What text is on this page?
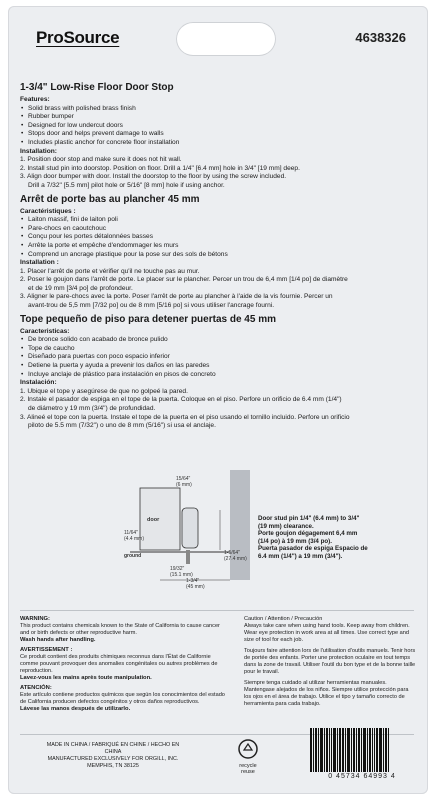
ProSource	4638326
1-3/4" Low-Rise Floor Door Stop

Features:

• Solid brass with polished brass finish
• Rubber bumper
• Designed for low undercut doors
• Stops door and helps prevent damage to walls
• Includes plastic anchor for concrete floor installation

Installation:

1. Position door stop and make sure it does not hit wall.
2. Install stud pin into doorstop. Position on floor. Drill a 1/4" [6.4 mm] hole in 3/4" [19 mm] deep.
3. Align door bumper with door. Install the doorstop to the floor by using the screw included.
Drill a 7/32" [5.5 mm] pilot hole or 5/16" [8 mm] hole if using anchor.
Arrêt de porte bas au plancher 45 mm

Caractéristiques :

• Laiton massif, fini de laiton poli
• Pare-chocs en caoutchouc
• Conçu pour les portes détalonnées basses
• Arrête la porte et empêche d'endommager les murs
• Comprend un ancrage plastique pour la pose sur des sols de bétons

Installation :

1. Placer l'arrêt de porte et vérifier qu'il ne touche pas au mur.
2. Poser le goujon dans l'arrêt de porte. Le placer sur le plancher. Percer un trou de 6,4 mm [1/4 po] de diamètre
et de 19 mm [3/4 po] de profondeur.
3. Aligner le pare-chocs avec la porte. Poser l'arrêt de porte au plancher à l'aide de la vis fournie. Percer un
avant-trou de 5,5 mm [7/32 po] ou de 8 mm [5/16 po] si vous utiliser l'ancrage fourni.
Tope pequeño de piso para detener puertas de 45 mm

Caracteristicas:

• De bronce solido con acabado de bronce pulido
• Tope de caucho
• Diseñado para puertas con poco espacio inferior
• Detiene la puerta y ayuda a prevenir los daños en las paredes
• Incluye anclaje de plástico para instalación en pisos de concreto

Instalación:

1. Ubique el tope y asegúrese de que no golpeé la pared.
2. Instale el pasador de espiga en el tope de la puerta. Coloque en el piso. Perfore un orificio de 6.4 mm (1/4")
de diámetro y 19 mm (3/4") de profundidad.
3. Alineé el tope con la puerta. Instale el tope de la puerta en el piso usando el tornillo incluido. Perfore un orificio
piloto de 5.5 mm (7/32") o uno de 8 mm (5/16") si usa el anclaje.
15/64"
(6 mm)
door
11/64"
(4.4 mm)
1-5/64"
(27.4 mm)
ground
19/32"
(15.1 mm)
1-3/4"
(45 mm)
Door stud pin 1/4" (6.4 mm) to 3/4"
(19 mm) clearance.
Porte goujon dégagement 6,4 mm
(1/4 po) à 19 mm (3/4 po).
Puerta pasador de espiga Espacio de
6.4 mm (1/4") a 19 mm (3/4").
WARNING:
This product contains chemicals known to the State of California to cause cancer and or birth defects or other reproductive harm.
Wash hands after handling.
AVERTISSEMENT :
Ce produit contient des produits chimiques reconnus dans l'État de Californie comme pouvant provoquer des anomalies congénitales ou autres problèmes de reproduction.
Lavez-vous les mains après toute manipulation.
ATENCIÓN:
Este artículo contiene productos químicos que según los conocimientos del estado de California producen defectos congénitos y otros daños reproductivos.
Lávese las manos después de utilizarlo.
Caution / Attention / Precaución
Always take care when using hand tools. Keep away from children. Wear eye protection in work area at all times. Use correct type and size of tool for each job.
Toujours faire attention lors de l'utilisation d'outils manuels. Tenir hors de portée des enfants. Porter une protection oculaire en tout temps dans la zone de travail. Utiliser l'outil du bon type et de la bonne taille pour le travail.
Siempre tenga cuidado al utilizar herramientas manuales. Mantengase alejados de los niños. Siempre utilice protección para los ojos en el área de trabajo. Utilice el tipo y tamaño correcto de herramienta para cada trabajo.
MADE IN CHINA / FABRIQUÉ EN CHINE / HECHO EN CHINA
MANUFACTURED EXCLUSIVELY FOR ORGILL, INC.
MEMPHIS, TN 38125	recycle
reuse
0 45734 64993 4
